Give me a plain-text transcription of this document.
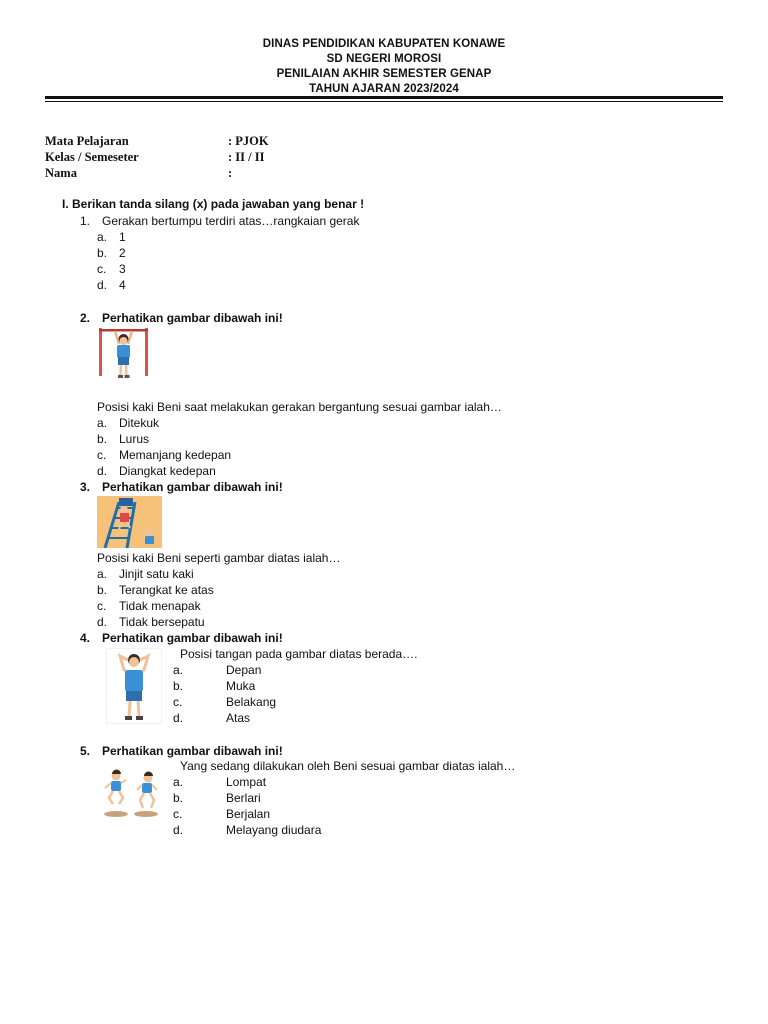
DINAS PENDIDIKAN KABUPATEN KONAWE
SD NEGERI MOROSI
PENILAIAN AKHIR SEMESTER GENAP
TAHUN AJARAN 2023/2024
Mata Pelajaran	: PJOK
Kelas / Semeseter	: II / II
Nama	:
I. Berikan tanda silang (x) pada jawaban yang benar !
1. Gerakan bertumpu terdiri atas…rangkaian gerak
a. 1
b. 2
c. 3
d. 4
2. Perhatikan gambar dibawah ini!
Posisi kaki Beni saat melakukan gerakan bergantung sesuai gambar ialah…
a. Ditekuk
b. Lurus
c. Memanjang kedepan
d. Diangkat kedepan
3. Perhatikan gambar dibawah ini!
Posisi kaki Beni seperti gambar diatas ialah…
a. Jinjit satu kaki
b. Terangkat ke atas
c. Tidak menapak
d. Tidak bersepatu
4. Perhatikan gambar dibawah ini!
Posisi tangan pada gambar diatas berada….
a.	Depan
b.	Muka
c.	Belakang
d.	Atas
5. Perhatikan gambar dibawah ini!
Yang sedang dilakukan oleh Beni sesuai gambar diatas ialah…
a.	Lompat
b.	Berlari
c.	Berjalan
d.	Melayang diudara
